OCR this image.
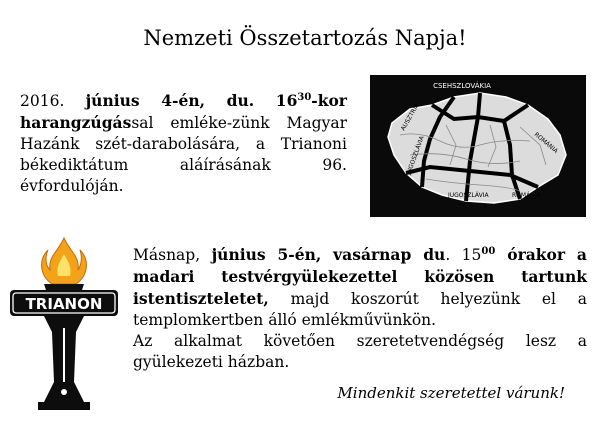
Nemzeti Összetartozás Napja!
2016. június 4-én, du. $16^{30}$-kor harangzúgással emléke-zünk Magyar Hazánk szét-darabolására, a Trianoni békediktátum aláírásának 96. évfordulóján.
CSEHSZLOVÁKIA
AUSZTRIA
ROMÁNIA
JUGOSZLÁVIA
JUGOSZLÁVIA	ROMÁNIA
TRIANON
Másnap, június 5-én, vasárnap du. $15^{00}$ órakor a madari testvérgyülekezettel közösen tartunk istentiszteletet, majd koszorút helyezünk el a templomkertben álló emlékművünkön.
Az alkalmat követően szeretetvendégség lesz a gyülekezeti házban.
Mindenkit szeretettel várunk!
